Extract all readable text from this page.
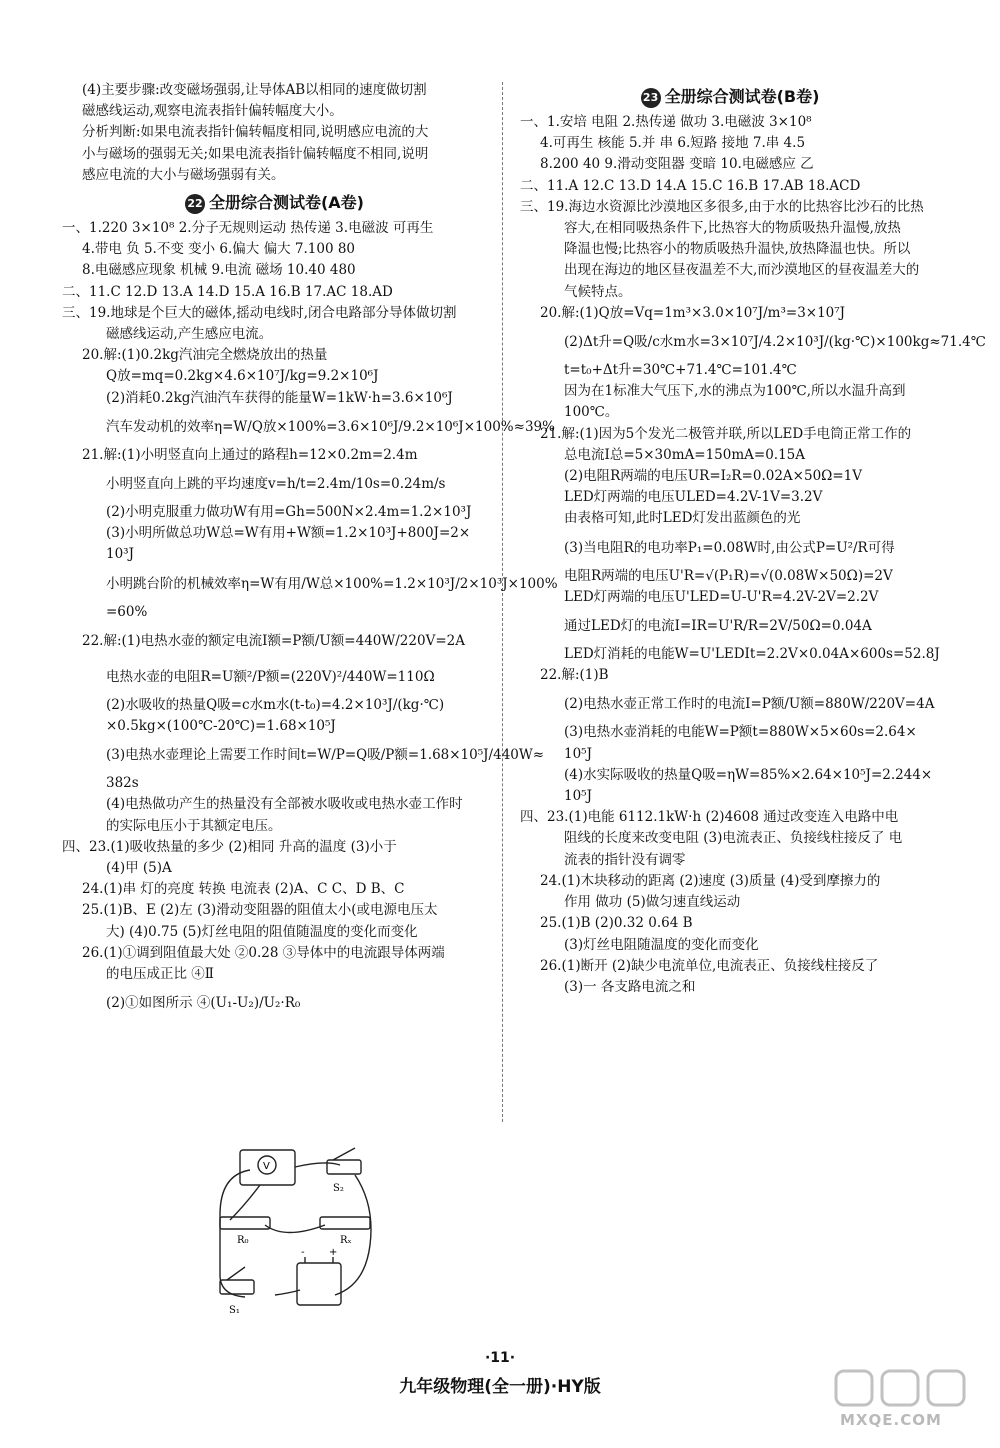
(4)主要步骤:改变磁场强弱,让导体AB以相同的速度做切割
磁感线运动,观察电流表指针偏转幅度大小。
分析判断:如果电流表指针偏转幅度相同,说明感应电流的大
小与磁场的强弱无关;如果电流表指针偏转幅度不相同,说明
感应电流的大小与磁场强弱有关。
22 全册综合测试卷(A卷)
一、1.220 3×10⁸ 2.分子无规则运动 热传递 3.电磁波 可再生
4.带电 负 5.不变 变小 6.偏大 偏大 7.100 80
8.电磁感应现象 机械 9.电流 磁场 10.40 480
二、11.C 12.D 13.A 14.D 15.A 16.B 17.AC 18.AD
三、19.地球是个巨大的磁体,摇动电线时,闭合电路部分导体做切割
磁感线运动,产生感应电流。
20.解:(1)0.2kg汽油完全燃烧放出的热量
Q放=mq=0.2kg×4.6×10⁷J/kg=9.2×10⁶J
(2)消耗0.2kg汽油汽车获得的能量W=1kW·h=3.6×10⁶J
汽车发动机的效率η=W/Q放×100%=3.6×10⁶J/9.2×10⁶J×100%≈39%
21.解:(1)小明竖直向上通过的路程h=12×0.2m=2.4m
小明竖直向上跳的平均速度v=h/t=2.4m/10s=0.24m/s
(2)小明克服重力做功W有用=Gh=500N×2.4m=1.2×10³J
(3)小明所做总功W总=W有用+W额=1.2×10³J+800J=2×
10³J
小明跳台阶的机械效率η=W有用/W总×100%=1.2×10³J/2×10³J×100%
=60%
22.解:(1)电热水壶的额定电流I额=P额/U额=440W/220V=2A
电热水壶的电阻R=U额²/P额=(220V)²/440W=110Ω
(2)水吸收的热量Q吸=c水m水(t-t₀)=4.2×10³J/(kg·℃)
×0.5kg×(100℃-20℃)=1.68×10⁵J
(3)电热水壶理论上需要工作时间t=W/P=Q吸/P额=1.68×10⁵J/440W≈
382s
(4)电热做功产生的热量没有全部被水吸收或电热水壶工作时
的实际电压小于其额定电压。
四、23.(1)吸收热量的多少 (2)相同 升高的温度 (3)小于
(4)甲 (5)A
24.(1)串 灯的亮度 转换 电流表 (2)A、C C、D B、C
25.(1)B、E (2)左 (3)滑动变阻器的阻值太小(或电源电压太
大) (4)0.75 (5)灯丝电阻的阻值随温度的变化而变化
26.(1)①调到阻值最大处 ②0.28 ③导体中的电流跟导体两端
的电压成正比 ④Ⅱ
(2)①如图所示 ④(U₁-U₂)/U₂·R₀
V
S₂
R₀	Rₓ
S₁
- +
23 全册综合测试卷(B卷)
一、1.安培 电阻 2.热传递 做功 3.电磁波 3×10⁸
4.可再生 核能 5.并 串 6.短路 接地 7.串 4.5
8.200 40 9.滑动变阻器 变暗 10.电磁感应 乙
二、11.A 12.C 13.D 14.A 15.C 16.B 17.AB 18.ACD
三、19.海边水资源比沙漠地区多很多,由于水的比热容比沙石的比热
容大,在相同吸热条件下,比热容大的物质吸热升温慢,放热
降温也慢;比热容小的物质吸热升温快,放热降温也快。所以
出现在海边的地区昼夜温差不大,而沙漠地区的昼夜温差大的
气候特点。
20.解:(1)Q放=Vq=1m³×3.0×10⁷J/m³=3×10⁷J
(2)Δt升=Q吸/c水m水=3×10⁷J/4.2×10³J/(kg·℃)×100kg≈71.4℃
t=t₀+Δt升=30℃+71.4℃=101.4℃
因为在1标准大气压下,水的沸点为100℃,所以水温升高到
100℃。
21.解:(1)因为5个发光二极管并联,所以LED手电筒正常工作的
总电流I总=5×30mA=150mA=0.15A
(2)电阻R两端的电压UR=I₂R=0.02A×50Ω=1V
LED灯两端的电压ULED=4.2V-1V=3.2V
由表格可知,此时LED灯发出蓝颜色的光
(3)当电阻R的电功率P₁=0.08W时,由公式P=U²/R可得
电阻R两端的电压U'R=√(P₁R)=√(0.08W×50Ω)=2V
LED灯两端的电压U'LED=U-U'R=4.2V-2V=2.2V
通过LED灯的电流I=IR=U'R/R=2V/50Ω=0.04A
LED灯消耗的电能W=U'LEDIt=2.2V×0.04A×600s=52.8J
22.解:(1)B
(2)电热水壶正常工作时的电流I=P额/U额=880W/220V=4A
(3)电热水壶消耗的电能W=P额t=880W×5×60s=2.64×
10⁵J
(4)水实际吸收的热量Q吸=ηW=85%×2.64×10⁵J=2.244×
10⁵J
四、23.(1)电能 6112.1kW·h (2)4608 通过改变连入电路中电
阻线的长度来改变电阻 (3)电流表正、负接线柱接反了 电
流表的指针没有调零
24.(1)木块移动的距离 (2)速度 (3)质量 (4)受到摩擦力的
作用 做功 (5)做匀速直线运动
25.(1)B (2)0.32 0.64 B
(3)灯丝电阻随温度的变化而变化
26.(1)断开 (2)缺少电流单位,电流表正、负接线柱接反了
(3)一 各支路电流之和
·11·
九年级物理(全一册)·HY版
MXQE.COM
